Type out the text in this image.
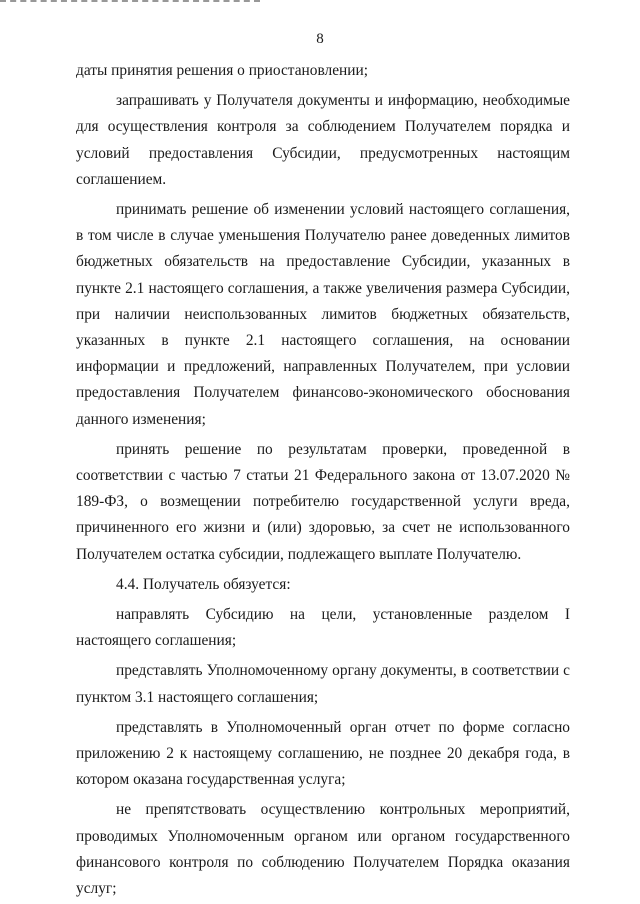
8

даты принятия решения о приостановлении;

запрашивать у Получателя документы и информацию, необходимые для осуществления контроля за соблюдением Получателем порядка и условий предоставления Субсидии, предусмотренных настоящим соглашением.

принимать решение об изменении условий настоящего соглашения, в том числе в случае уменьшения Получателю ранее доведенных лимитов бюджетных обязательств на предоставление Субсидии, указанных в пункте 2.1 настоящего соглашения, а также увеличения размера Субсидии, при наличии неиспользованных лимитов бюджетных обязательств, указанных в пункте 2.1 настоящего соглашения, на основании информации и предложений, направленных Получателем, при условии предоставления Получателем финансово-экономического обоснования данного изменения;

принять решение по результатам проверки, проведенной в соответствии с частью 7 статьи 21 Федерального закона от 13.07.2020 № 189-ФЗ, о возмещении потребителю государственной услуги вреда, причиненного его жизни и (или) здоровью, за счет не использованного Получателем остатка субсидии, подлежащего выплате Получателю.

4.4. Получатель обязуется:

направлять Субсидию на цели, установленные разделом I настоящего соглашения;

представлять Уполномоченному органу документы, в соответствии с пунктом 3.1 настоящего соглашения;

представлять в Уполномоченный орган отчет по форме согласно приложению 2 к настоящему соглашению, не позднее 20 декабря года, в котором оказана государственная услуга;

не препятствовать осуществлению контрольных мероприятий, проводимых Уполномоченным органом или органом государственного финансового контроля по соблюдению Получателем Порядка оказания услуг;
